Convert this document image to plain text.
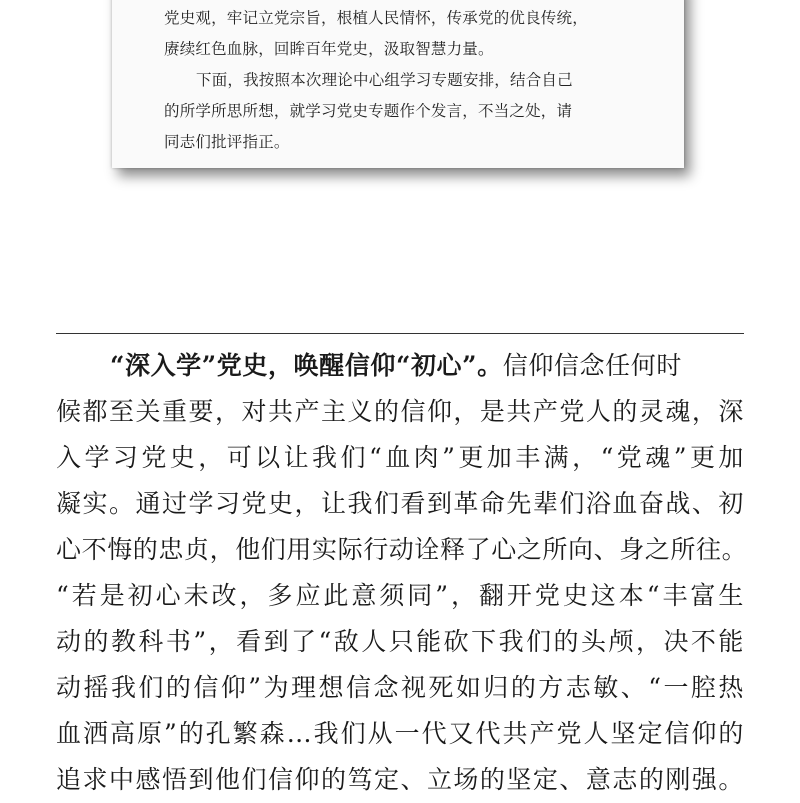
党史观，牢记立党宗旨，根植人民情怀，传承党的优良传统，
赓续红色血脉，回眸百年党史，汲取智慧力量。
下面，我按照本次理论中心组学习专题安排，结合自己
的所学所思所想，就学习党史专题作个发言，不当之处，请
同志们批评指正。
“深入学”党史，唤醒信仰“初心”。信仰信念任何时
候都至关重要，对共产主义的信仰，是共产党人的灵魂，深
入学习党史，可以让我们“血肉”更加丰满，“党魂”更加
凝实。通过学习党史，让我们看到革命先辈们浴血奋战、初
心不悔的忠贞，他们用实际行动诠释了心之所向、身之所往。
“若是初心未改，多应此意须同”，翻开党史这本“丰富生
动的教科书”，看到了“敌人只能砍下我们的头颅，决不能
动摇我们的信仰”为理想信念视死如归的方志敏、“一腔热
血洒高原”的孔繁森…我们从一代又代共产党人坚定信仰的
追求中感悟到他们信仰的笃定、立场的坚定、意志的刚强。
